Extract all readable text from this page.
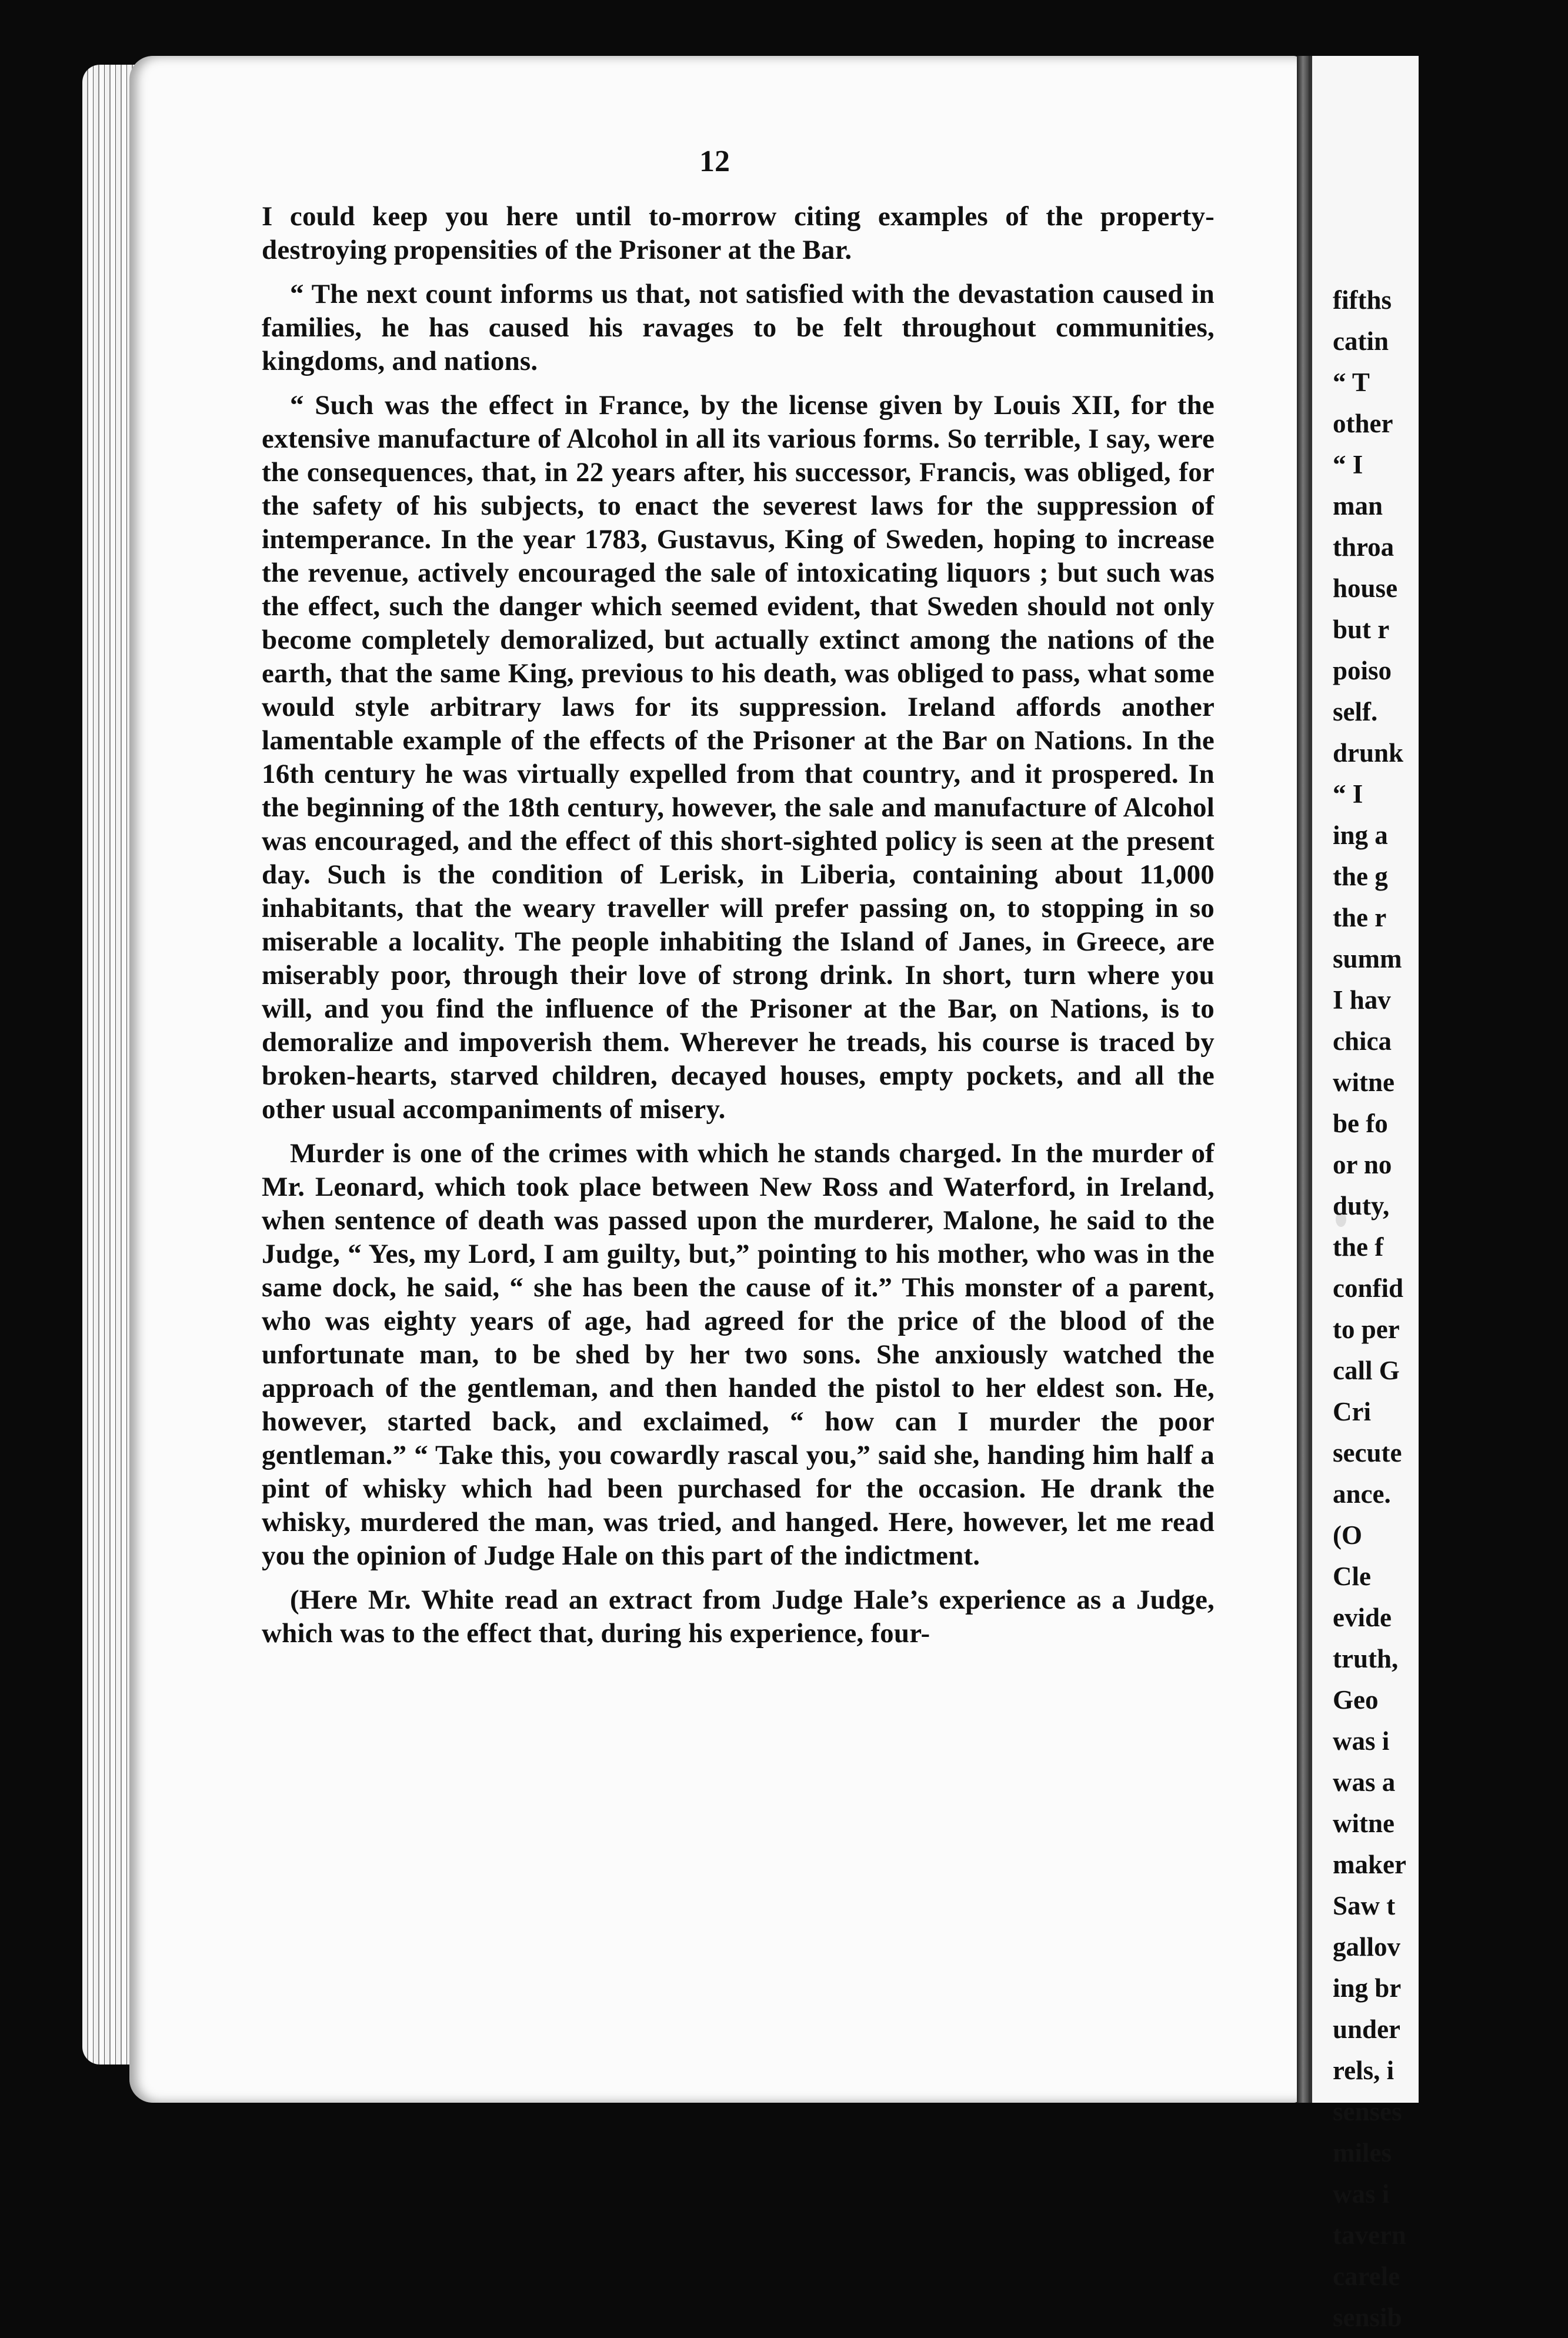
12

I could keep you here until to-morrow citing examples of the property-destroying propensities of the Prisoner at the Bar.

“ The next count informs us that, not satisfied with the devastation caused in families, he has caused his ravages to be felt throughout communities, kingdoms, and nations.

“ Such was the effect in France, by the license given by Louis XII, for the extensive manufacture of Alcohol in all its various forms. So terrible, I say, were the consequences, that, in 22 years after, his successor, Francis, was obliged, for the safety of his subjects, to enact the severest laws for the suppression of intemperance. In the year 1783, Gustavus, King of Sweden, hoping to increase the revenue, actively encouraged the sale of intoxicating liquors ; but such was the effect, such the danger which seemed evident, that Sweden should not only become completely demoralized, but actually extinct among the nations of the earth, that the same King, previous to his death, was obliged to pass, what some would style arbitrary laws for its suppression. Ireland affords another lamentable example of the effects of the Prisoner at the Bar on Nations. In the 16th century he was virtually expelled from that country, and it prospered. In the beginning of the 18th century, however, the sale and manufacture of Alcohol was encouraged, and the effect of this short-sighted policy is seen at the present day. Such is the condition of Lerisk, in Liberia, containing about 11,000 inhabitants, that the weary traveller will prefer passing on, to stopping in so miserable a locality. The people inhabiting the Island of Janes, in Greece, are miserably poor, through their love of strong drink. In short, turn where you will, and you find the influence of the Prisoner at the Bar, on Nations, is to demoralize and impoverish them. Wherever he treads, his course is traced by broken-hearts, starved children, decayed houses, empty pockets, and all the other usual accompaniments of misery.

Murder is one of the crimes with which he stands charged. In the murder of Mr. Leonard, which took place between New Ross and Waterford, in Ireland, when sentence of death was passed upon the murderer, Malone, he said to the Judge, “ Yes, my Lord, I am guilty, but,” pointing to his mother, who was in the same dock, he said, “ she has been the cause of it.” This monster of a parent, who was eighty years of age, had agreed for the price of the blood of the unfortunate man, to be shed by her two sons. She anxiously watched the approach of the gentleman, and then handed the pistol to her eldest son. He, however, started back, and exclaimed, “ how can I murder the poor gentleman.” “ Take this, you cowardly rascal you,” said she, handing him half a pint of whisky which had been purchased for the occasion. He drank the whisky, murdered the man, was tried, and hanged. Here, however, let me read you the opinion of Judge Hale on this part of the indictment.

(Here Mr. White read an extract from Judge Hale’s experience as a Judge, which was to the effect that, during his experience, four-

fifths
catin
“ T
other
“ I
man
throa
house
but r
poiso
self.
drunk
“ I
ing a
the g
the r
summ
I hav
chica
witne
be fo
or no
duty,
the f
confid
to per
call G
Cri
secute
ance.
(O
Cle
evide
truth,
Geo
was i
was a
witne
maker
Saw t
gallov
ing br
under
rels, i
senses
miles
was i
tavern
carele
sensib
